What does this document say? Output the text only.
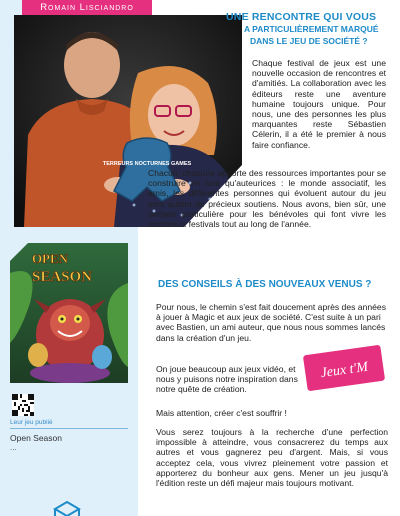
TERREURS NOCTURNES GAMES
Romain Lisciandro
UNE RENCONTRE QUI VOUS
A PARTICULIÈREMENT MARQUÉ
DANS LE JEU DE SOCIÉTÉ ?

Chaque festival de jeux est une nouvelle occasion de rencontres et d'amitiés. La collaboration avec les éditeurs reste une aventure humaine toujours unique. Pour nous, une des personnes les plus marquantes reste Sébastien Célerin, il a été le premier à nous faire confiance.

Chacun, chacune apporte des ressources importantes pour se construire en tant qu'auteurices : le monde associatif, les amis, les différentes personnes qui évoluent autour du jeu sont autant de précieux soutiens. Nous avons, bien sûr, une pensée particulière pour les bénévoles qui font vivre les nombreux festivals tout au long de l'année.

OPEN
SEASON
Leur jeu publié
Open Season
...
DES CONSEILS À DES NOUVEAUX VENUS ?

Pour nous, le chemin s'est fait doucement après des années à jouer à Magic et aux jeux de société. C'est suite à un pari avec Bastien, un ami auteur, que nous nous sommes lancés dans la création d'un jeu.

On joue beaucoup aux jeux vidéo, et nous y puisons notre inspiration dans notre quête de création.

Mais attention, créer c'est souffrir !

Vous serez toujours à la recherche d'une perfection impossible à atteindre, vous consacrerez du temps aux autres et vous gagnerez peu d'argent. Mais, si vous acceptez cela, vous vivrez pleinement votre passion et apporterez du bonheur aux gens. Mener un jeu jusqu'à l'édition reste un défi majeur mais toujours motivant.

Jeux t'M
